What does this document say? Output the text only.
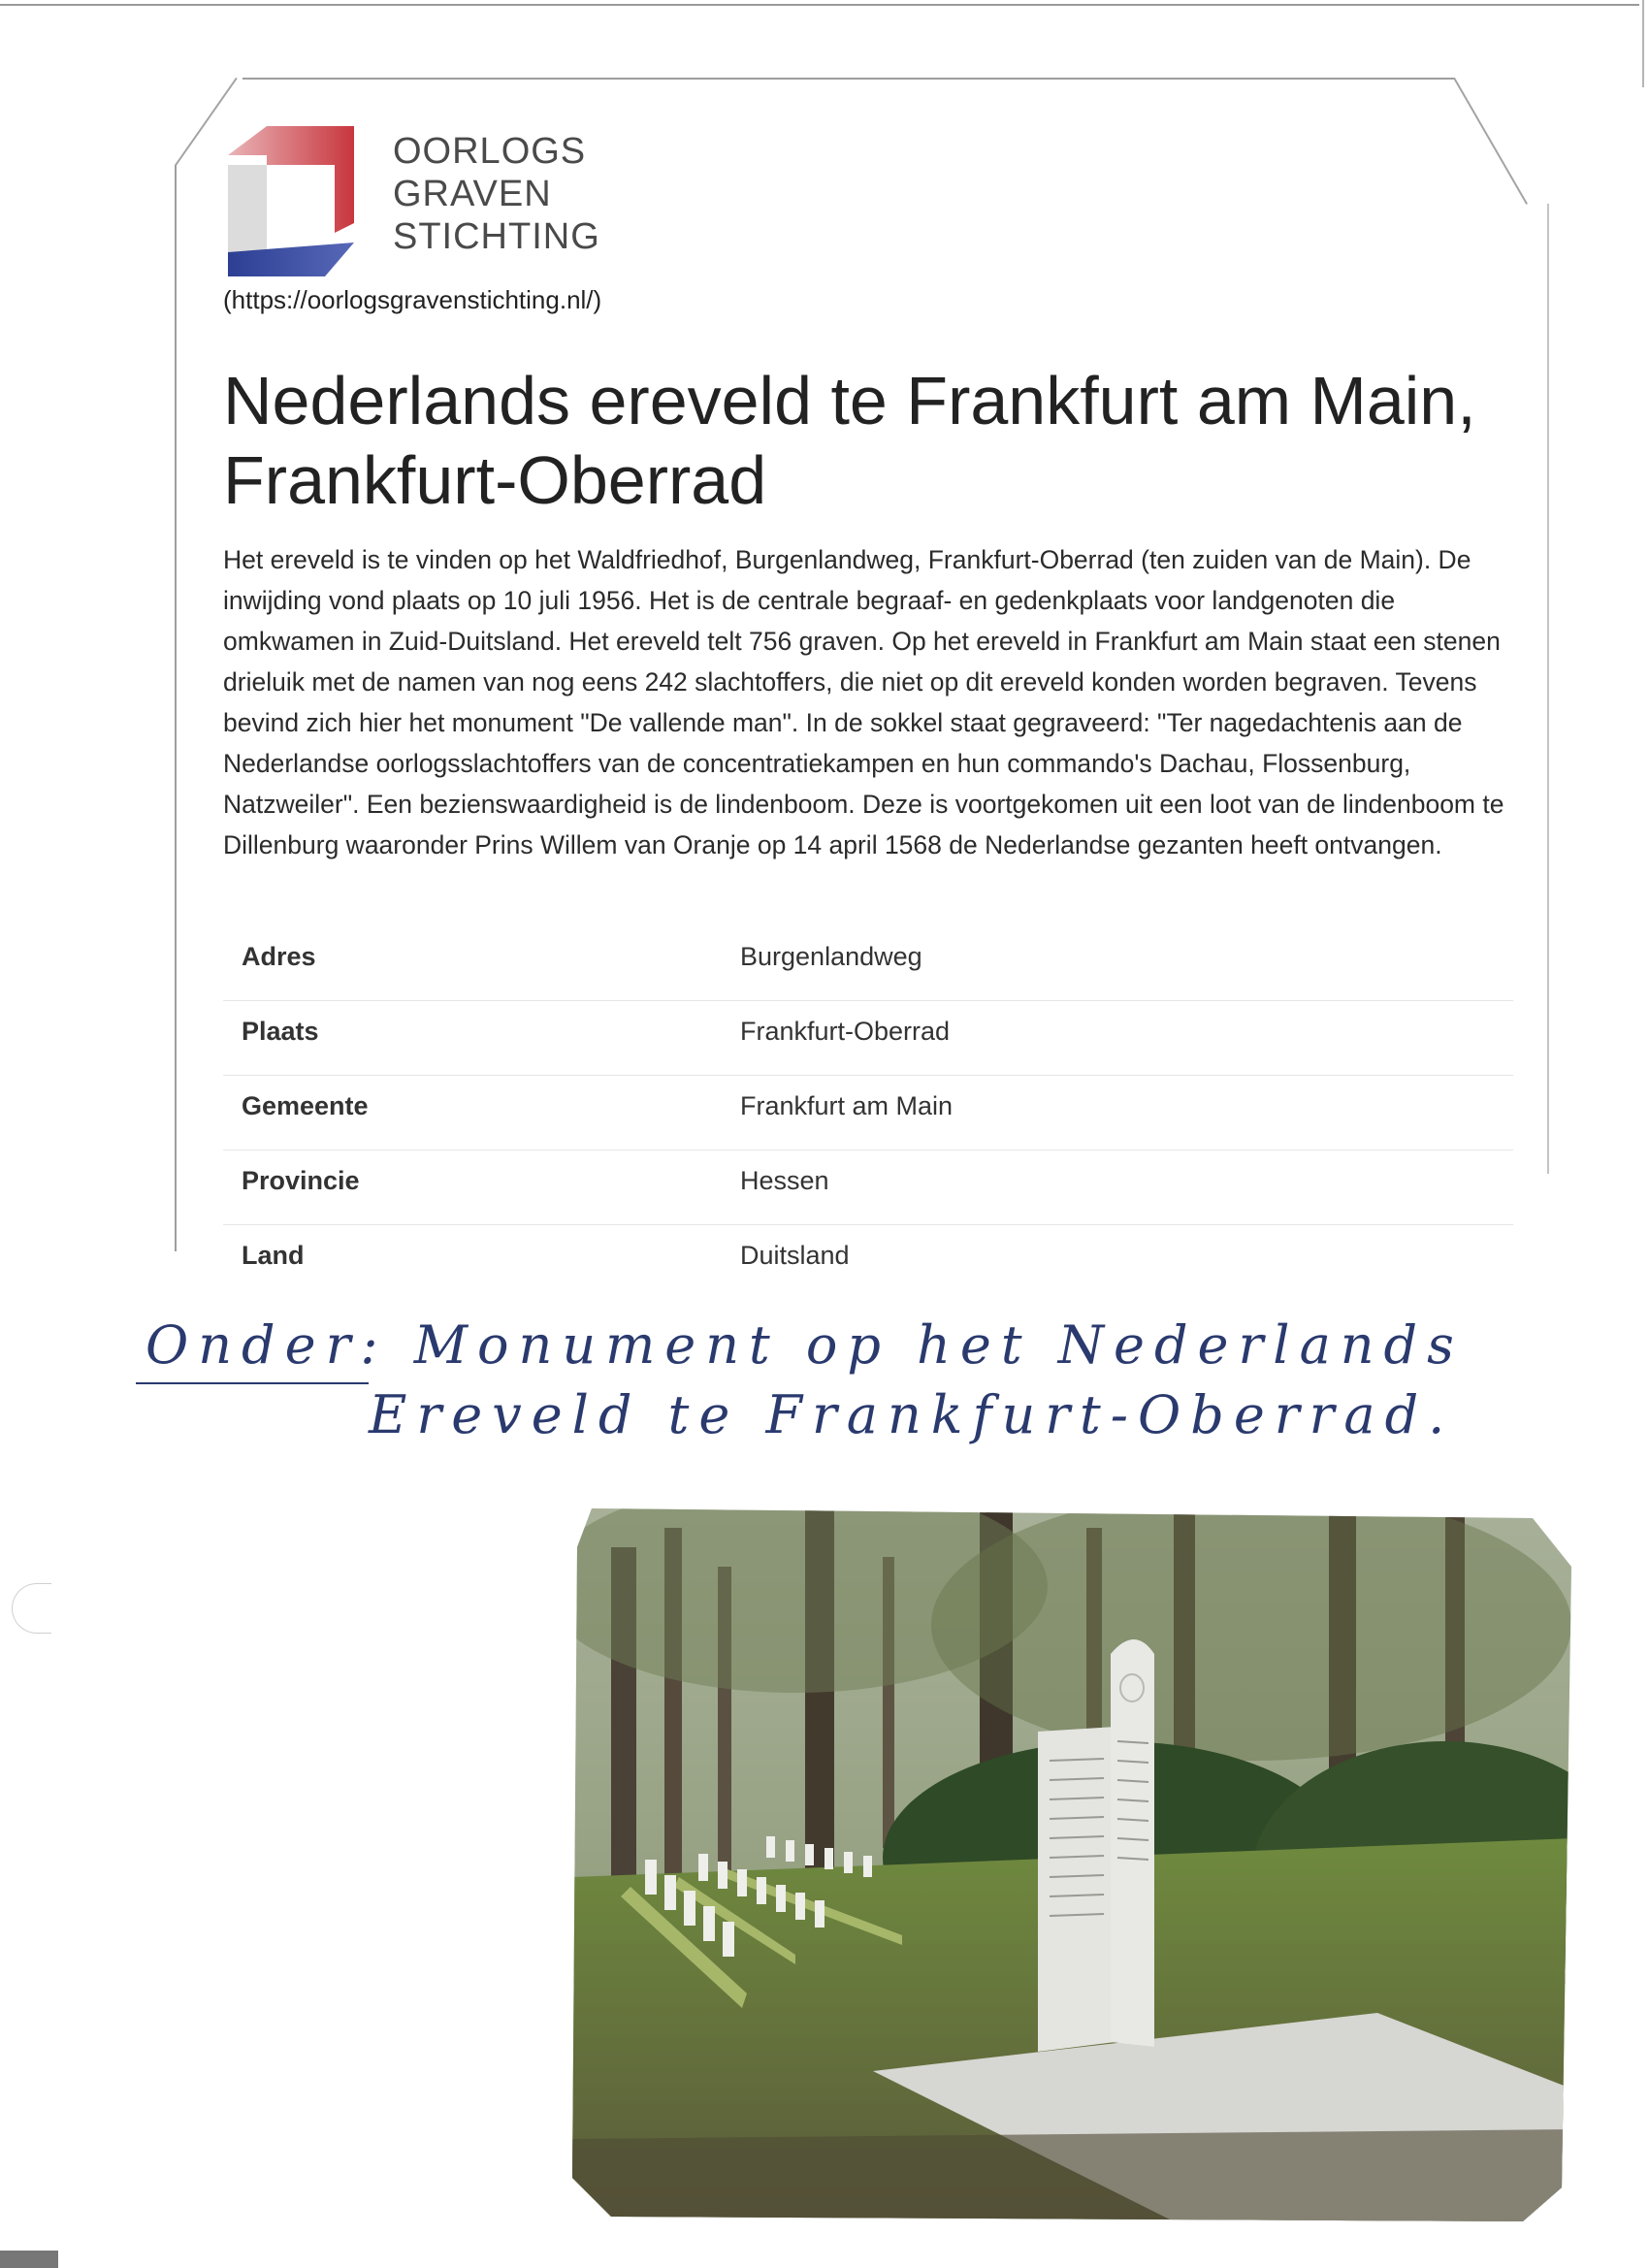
OORLOGS
GRAVEN
STICHTING
(https://oorlogsgravenstichting.nl/)
Nederlands ereveld te Frankfurt am Main, Frankfurt-Oberrad

Het ereveld is te vinden op het Waldfriedhof, Burgenlandweg, Frankfurt-Oberrad (ten zuiden van de Main). De inwijding vond plaats op 10 juli 1956. Het is de centrale begraaf- en gedenkplaats voor landgenoten die omkwamen in Zuid-Duitsland. Het ereveld telt 756 graven. Op het ereveld in Frankfurt am Main staat een stenen drieluik met de namen van nog eens 242 slachtoffers, die niet op dit ereveld konden worden begraven. Tevens bevind zich hier het monument "De vallende man". In de sokkel staat gegraveerd: "Ter nagedachtenis aan de Nederlandse oorlogsslachtoffers van de concentratiekampen en hun commando's Dachau, Flossenburg, Natzweiler". Een bezienswaardigheid is de lindenboom. Deze is voortgekomen uit een loot van de lindenboom te Dillenburg waaronder Prins Willem van Oranje op 14 april 1568 de Nederlandse gezanten heeft ontvangen.

Adres	Burgenlandweg
Plaats	Frankfurt-Oberrad
Gemeente	Frankfurt am Main
Provincie	Hessen
Land	Duitsland
Onder: Monument op het Nederlands
Ereveld te Frankfurt-Oberrad.
